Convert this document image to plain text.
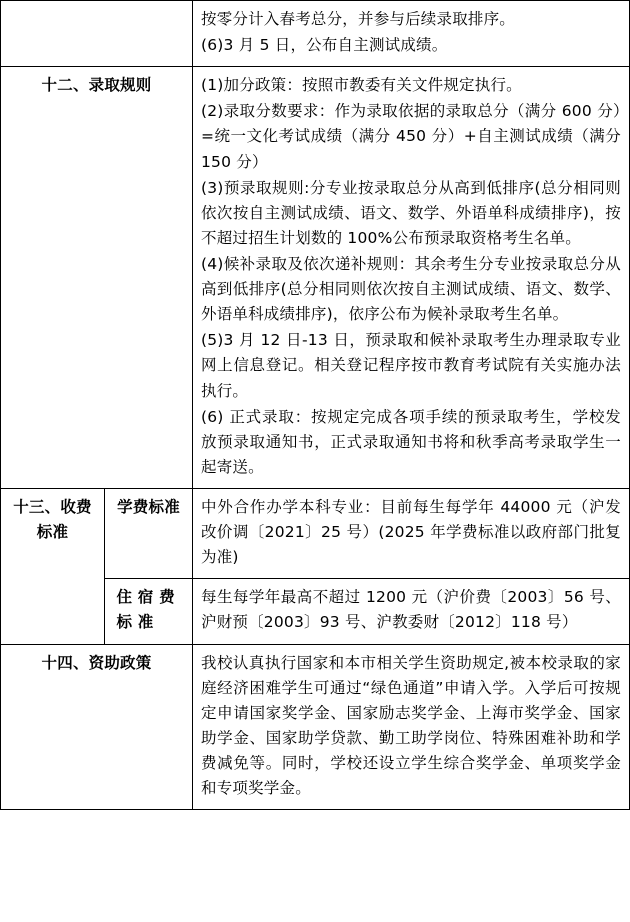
		按零分计入春考总分，并参与后续录取排序。

(6)3 月 5 日，公布自主测试成绩。

十二、录取规则	(1)加分政策：按照市教委有关文件规定执行。

(2)录取分数要求：作为录取依据的录取总分（满分 600 分）=统一文化考试成绩（满分 450 分）+自主测试成绩（满分 150 分）

(3)预录取规则:分专业按录取总分从高到低排序(总分相同则依次按自主测试成绩、语文、数学、外语单科成绩排序)，按不超过招生计划数的 100%公布预录取资格考生名单。

(4)候补录取及依次递补规则：其余考生分专业按录取总分从高到低排序(总分相同则依次按自主测试成绩、语文、数学、外语单科成绩排序)，依序公布为候补录取考生名单。

(5)3 月 12 日-13 日，预录取和候补录取考生办理录取专业网上信息登记。相关登记程序按市教育考试院有关实施办法执行。

(6) 正式录取：按规定完成各项手续的预录取考生，学校发放预录取通知书，正式录取通知书将和秋季高考录取学生一起寄送。

十三、收费标准	学费标准	中外合作办学本科专业：目前每生每学年 44000 元（沪发改价调〔2021〕25 号）(2025 年学费标准以政府部门批复为准)

住 宿 费
标 准	每生每学年最高不超过 1200 元（沪价费〔2003〕56 号、沪财预〔2003〕93 号、沪教委财〔2012〕118 号）

十四、资助政策		我校认真执行国家和本市相关学生资助规定,被本校录取的家庭经济困难学生可通过“绿色通道”申请入学。入学后可按规定申请国家奖学金、国家励志奖学金、上海市奖学金、国家助学金、国家助学贷款、勤工助学岗位、特殊困难补助和学费减免等。同时，学校还设立学生综合奖学金、单项奖学金和专项奖学金。
